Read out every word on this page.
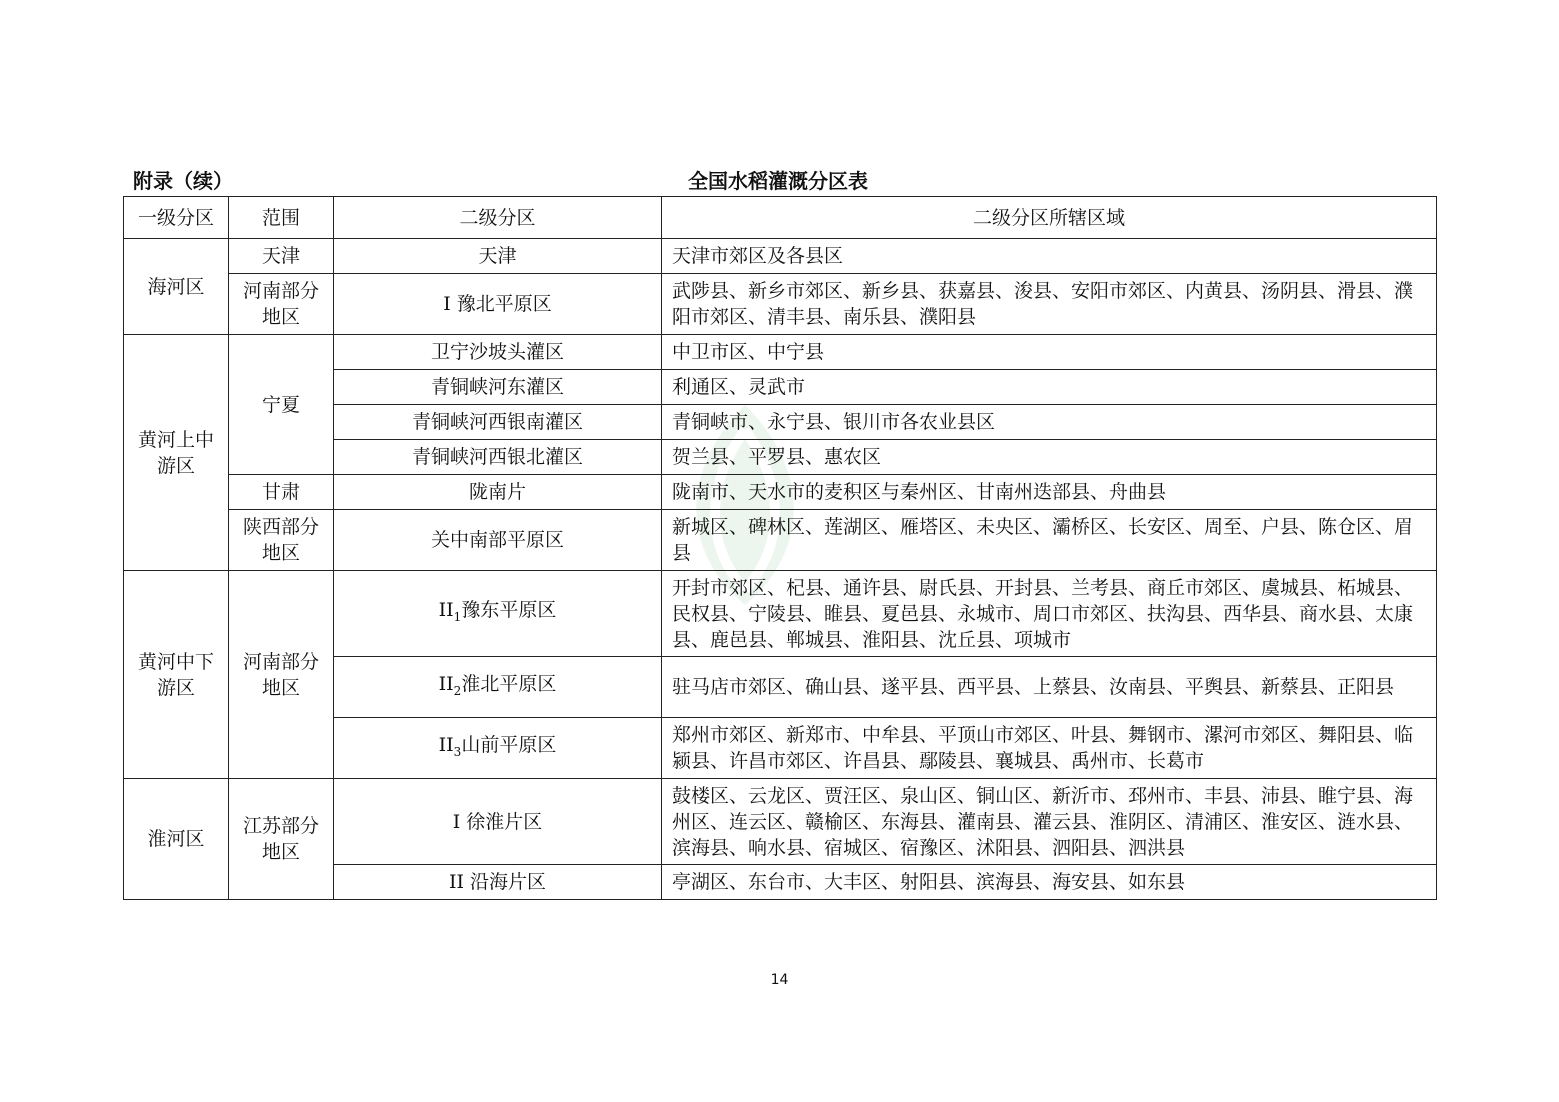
附录（续）	全国水稻灌溉分区表
一级分区	范围	二级分区	二级分区所辖区域
海河区	天津	天津	天津市郊区及各县区
	河南部分地区	I 豫北平原区	武陟县、新乡市郊区、新乡县、获嘉县、浚县、安阳市郊区、内黄县、汤阴县、滑县、濮阳市郊区、清丰县、南乐县、濮阳县
黄河上中游区	宁夏	卫宁沙坡头灌区	中卫市区、中宁县
		青铜峡河东灌区	利通区、灵武市
		青铜峡河西银南灌区	青铜峡市、永宁县、银川市各农业县区
		青铜峡河西银北灌区	贺兰县、平罗县、惠农区
	甘肃	陇南片	陇南市、天水市的麦积区与秦州区、甘南州迭部县、舟曲县
	陕西部分地区	关中南部平原区	新城区、碑林区、莲湖区、雁塔区、未央区、灞桥区、长安区、周至、户县、陈仓区、眉县
黄河中下游区	河南部分地区	$II_1$豫东平原区	开封市郊区、杞县、通许县、尉氏县、开封县、兰考县、商丘市郊区、虞城县、柘城县、民权县、宁陵县、睢县、夏邑县、永城市、周口市郊区、扶沟县、西华县、商水县、太康县、鹿邑县、郸城县、淮阳县、沈丘县、项城市
		$II_2$淮北平原区	驻马店市郊区、确山县、遂平县、西平县、上蔡县、汝南县、平舆县、新蔡县、正阳县
		$II_3$山前平原区	郑州市郊区、新郑市、中牟县、平顶山市郊区、叶县、舞钢市、漯河市郊区、舞阳县、临颍县、许昌市郊区、许昌县、鄢陵县、襄城县、禹州市、长葛市
淮河区	江苏部分地区	I 徐淮片区	鼓楼区、云龙区、贾汪区、泉山区、铜山区、新沂市、邳州市、丰县、沛县、睢宁县、海州区、连云区、赣榆区、东海县、灌南县、灌云县、淮阴区、清浦区、淮安区、涟水县、滨海县、响水县、宿城区、宿豫区、沭阳县、泗阳县、泗洪县
		II 沿海片区	亭湖区、东台市、大丰区、射阳县、滨海县、海安县、如东县
14
